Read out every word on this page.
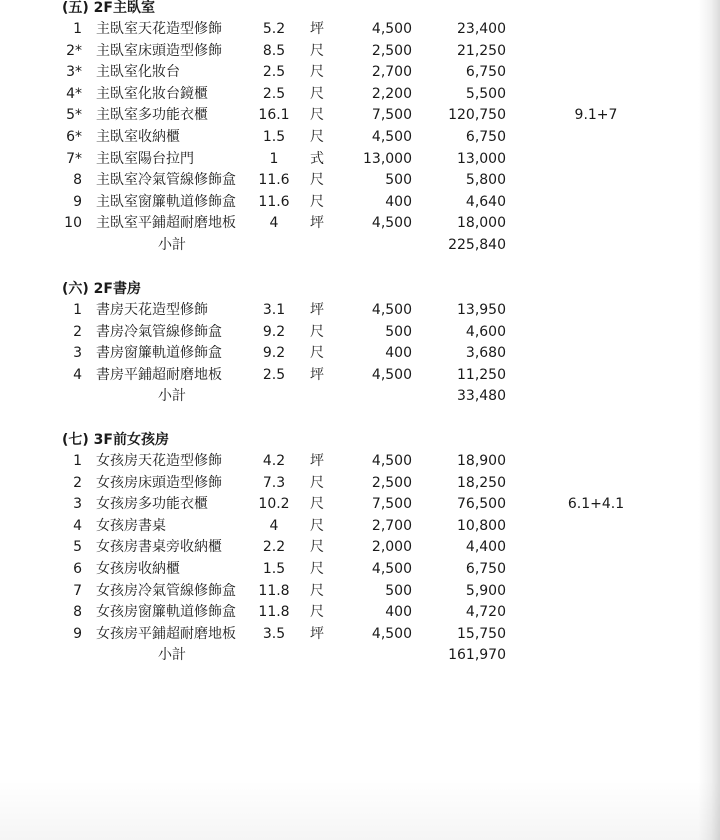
(五) 2F主臥室
1 主臥室天花造型修飾	5.2	坪	4,500	23,400
2* 主臥室床頭造型修飾	8.5	尺	2,500	21,250
3* 主臥室化妝台	2.5	尺	2,700	6,750
4* 主臥室化妝台鏡櫃	2.5	尺	2,200	5,500
5* 主臥室多功能衣櫃	16.1	尺	7,500	120,750	9.1+7
6* 主臥室收納櫃	1.5	尺	4,500	6,750
7* 主臥室陽台拉門	1	式	13,000	13,000
8 主臥室冷氣管線修飾盒	11.6	尺	500	5,800
9 主臥室窗簾軌道修飾盒	11.6	尺	400	4,640
10 主臥室平鋪超耐磨地板	4	坪	4,500	18,000
小計	225,840
(六) 2F書房
1 書房天花造型修飾	3.1	坪	4,500	13,950
2 書房冷氣管線修飾盒	9.2	尺	500	4,600
3 書房窗簾軌道修飾盒	9.2	尺	400	3,680
4 書房平鋪超耐磨地板	2.5	坪	4,500	11,250
小計	33,480
(七) 3F前女孩房
1 女孩房天花造型修飾	4.2	坪	4,500	18,900
2 女孩房床頭造型修飾	7.3	尺	2,500	18,250
3 女孩房多功能衣櫃	10.2	尺	7,500	76,500	6.1+4.1
4 女孩房書桌	4	尺	2,700	10,800
5 女孩房書桌旁收納櫃	2.2	尺	2,000	4,400
6 女孩房收納櫃	1.5	尺	4,500	6,750
7 女孩房冷氣管線修飾盒	11.8	尺	500	5,900
8 女孩房窗簾軌道修飾盒	11.8	尺	400	4,720
9 女孩房平鋪超耐磨地板	3.5	坪	4,500	15,750
小計	161,970
